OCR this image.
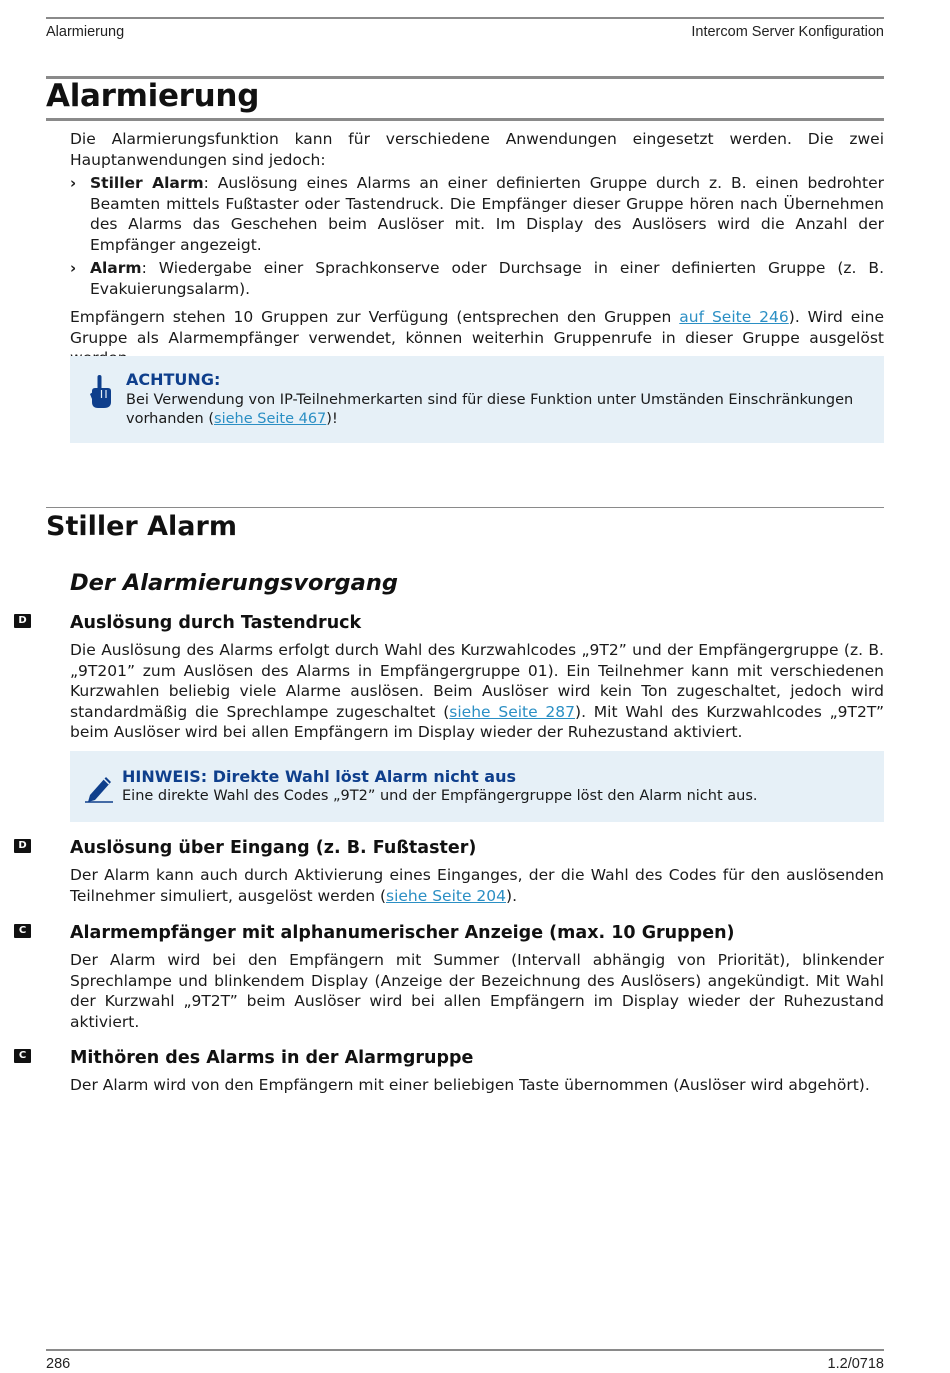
Alarmierung	Intercom Server Konfiguration
Alarmierung
Die Alarmierungsfunktion kann für verschiedene Anwendungen eingesetzt werden. Die zwei Hauptanwendungen sind jedoch:
› Stiller Alarm: Auslösung eines Alarms an einer definierten Gruppe durch z. B. einen bedrohter Beamten mittels Fußtaster oder Tastendruck. Die Empfänger dieser Gruppe hören nach Übernehmen des Alarms das Geschehen beim Auslöser mit. Im Display des Auslösers wird die Anzahl der Empfänger angezeigt.
› Alarm: Wiedergabe einer Sprachkonserve oder Durchsage in einer definierten Gruppe (z. B. Evakuierungsalarm).
Empfängern stehen 10 Gruppen zur Verfügung (entsprechen den Gruppen auf Seite 246). Wird eine Gruppe als Alarmempfänger verwendet, können weiterhin Gruppenrufe in dieser Gruppe ausgelöst
ACHTUNG:
Bei Verwendung von IP-Teilnehmerkarten sind für diese Funktion unter Umständen Einschränkungen vorhanden (siehe Seite 467)!
Stiller Alarm
Der Alarmierungsvorgang
D Auslösung durch Tastendruck
Die Auslösung des Alarms erfolgt durch Wahl des Kurzwahlcodes „9T2” und der Empfängergruppe (z. B. „9T201” zum Auslösen des Alarms in Empfängergruppe 01). Ein Teilnehmer kann mit verschiedenen Kurzwahlen beliebig viele Alarme auslösen. Beim Auslöser wird kein Ton zugeschaltet, jedoch wird standardmäßig die Sprechlampe zugeschaltet (siehe Seite 287). Mit Wahl des Kurzwahlcodes „9T2T” beim Auslöser wird bei allen Empfängern im Display wieder der Ruhezustand aktiviert.
HINWEIS: Direkte Wahl löst Alarm nicht aus
Eine direkte Wahl des Codes „9T2” und der Empfängergruppe löst den Alarm nicht aus.
D Auslösung über Eingang (z. B. Fußtaster)
Der Alarm kann auch durch Aktivierung eines Einganges, der die Wahl des Codes für den auslösenden Teilnehmer simuliert, ausgelöst werden (siehe Seite 204).
C	Alarmempfänger mit alphanumerischer Anzeige (max. 10 Gruppen)
Der Alarm wird bei den Empfängern mit Summer (Intervall abhängig von Priorität), blinkender Sprechlampe und blinkendem Display (Anzeige der Bezeichnung des Auslösers) angekündigt. Mit Wahl der Kurzwahl „9T2T” beim Auslöser wird bei allen Empfängern im Display wieder der Ruhezustand aktiviert.
C	Mithören des Alarms in der Alarmgruppe
Der Alarm wird von den Empfängern mit einer beliebigen Taste übernommen (Auslöser wird abgehört).
286	1.2/0718
